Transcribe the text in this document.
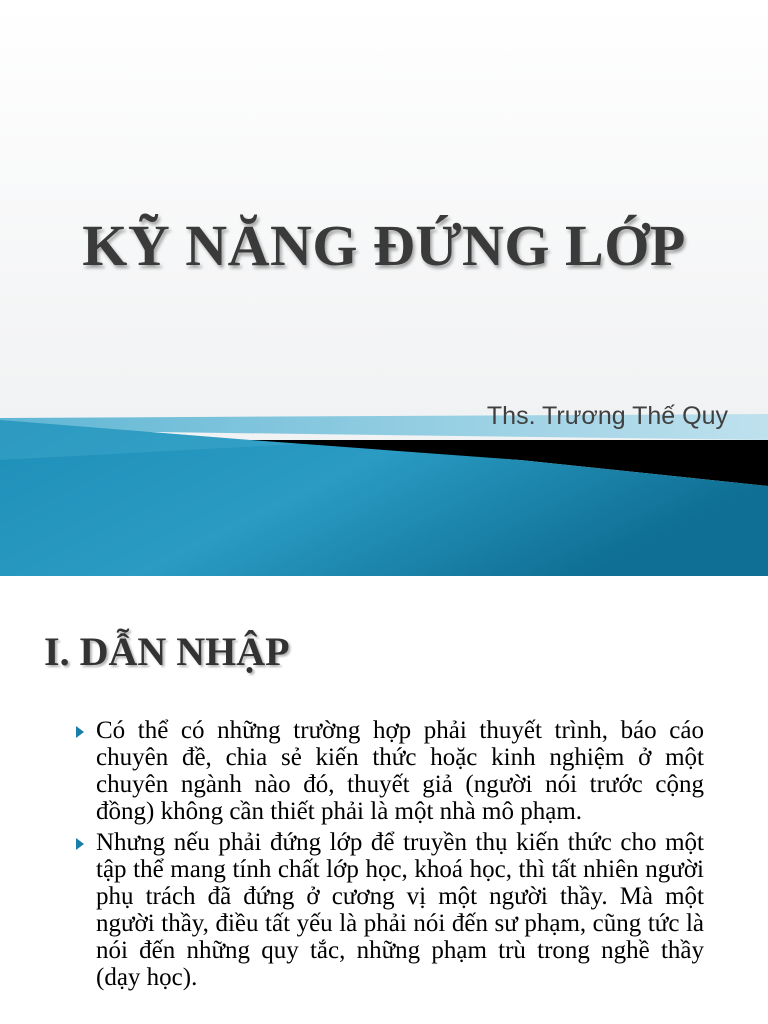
KỸ NĂNG ĐỨNG LỚP
Ths. Trương Thế Quy
I. DẪN NHẬP
Có thể có những trường hợp phải thuyết trình, báo cáo chuyên đề, chia sẻ kiến thức hoặc kinh nghiệm ở một chuyên ngành nào đó, thuyết giả (người nói trước cộng đồng) không cần thiết phải là một nhà mô phạm.
Nhưng nếu phải đứng lớp để truyền thụ kiến thức cho một tập thể mang tính chất lớp học, khoá học, thì tất nhiên người phụ trách đã đứng ở cương vị một người thầy. Mà một người thầy, điều tất yếu là phải nói đến sư phạm, cũng tức là nói đến những quy tắc, những phạm trù trong nghề thầy (dạy học).
